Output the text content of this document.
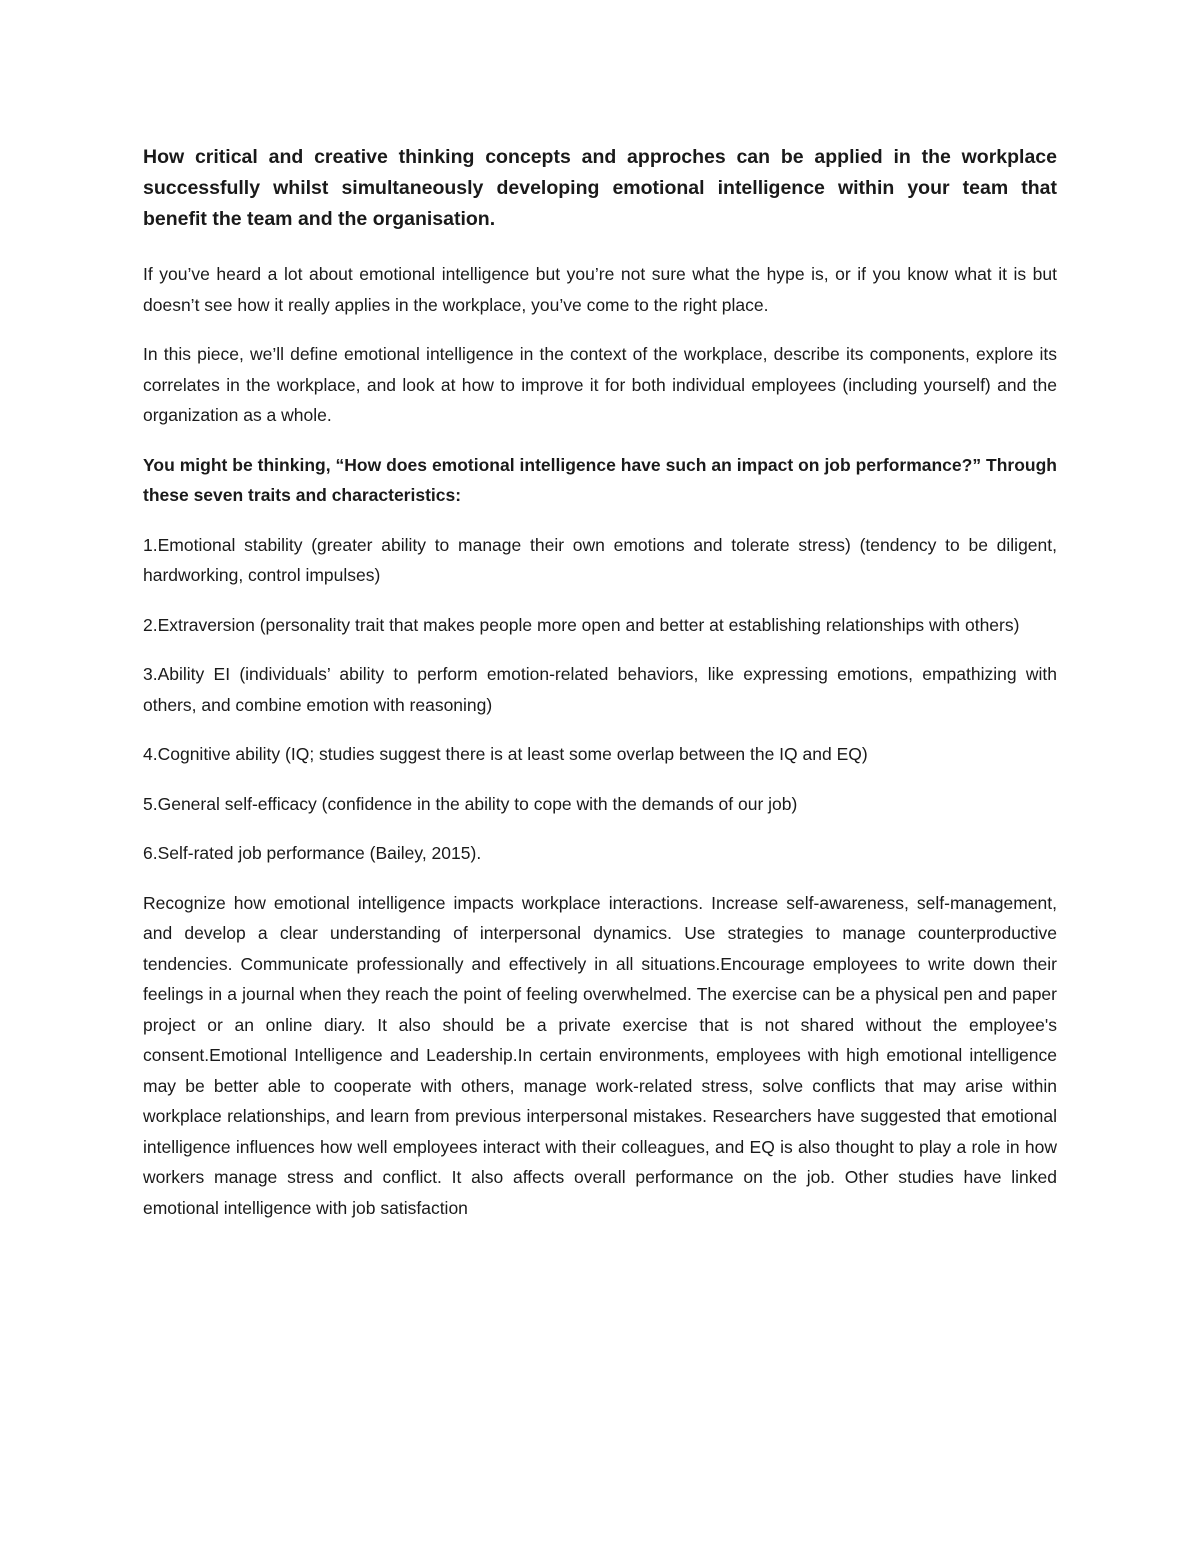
How critical and creative thinking concepts and approches can be applied in the workplace successfully whilst simultaneously developing emotional intelligence within your team that benefit the team and the organisation.

If you’ve heard a lot about emotional intelligence but you’re not sure what the hype is, or if you know what it is but doesn’t see how it really applies in the workplace, you’ve come to the right place.

In this piece, we’ll define emotional intelligence in the context of the workplace, describe its components, explore its correlates in the workplace, and look at how to improve it for both individual employees (including yourself) and the organization as a whole.

You might be thinking, “How does emotional intelligence have such an impact on job performance?” Through these seven traits and characteristics:

1.Emotional stability (greater ability to manage their own emotions and tolerate stress) (tendency to be diligent, hardworking, control impulses)
2.Extraversion (personality trait that makes people more open and better at establishing relationships with others)
3.Ability EI (individuals’ ability to perform emotion-related behaviors, like expressing emotions, empathizing with others, and combine emotion with reasoning)
4.Cognitive ability (IQ; studies suggest there is at least some overlap between the IQ and EQ)
5.General self-efficacy (confidence in the ability to cope with the demands of our job)
6.Self-rated job performance (Bailey, 2015).

Recognize how emotional intelligence impacts workplace interactions. Increase self-awareness, self-management, and develop a clear understanding of interpersonal dynamics. Use strategies to manage counterproductive tendencies. Communicate professionally and effectively in all situations.Encourage employees to write down their feelings in a journal when they reach the point of feeling overwhelmed. The exercise can be a physical pen and paper project or an online diary. It also should be a private exercise that is not shared without the employee's consent.Emotional Intelligence and Leadership.In certain environments, employees with high emotional intelligence may be better able to cooperate with others, manage work-related stress, solve conflicts that may arise within workplace relationships, and learn from previous interpersonal mistakes. Researchers have suggested that emotional intelligence influences how well employees interact with their colleagues, and EQ is also thought to play a role in how workers manage stress and conflict. It also affects overall performance on the job. Other studies have linked emotional intelligence with job satisfaction
